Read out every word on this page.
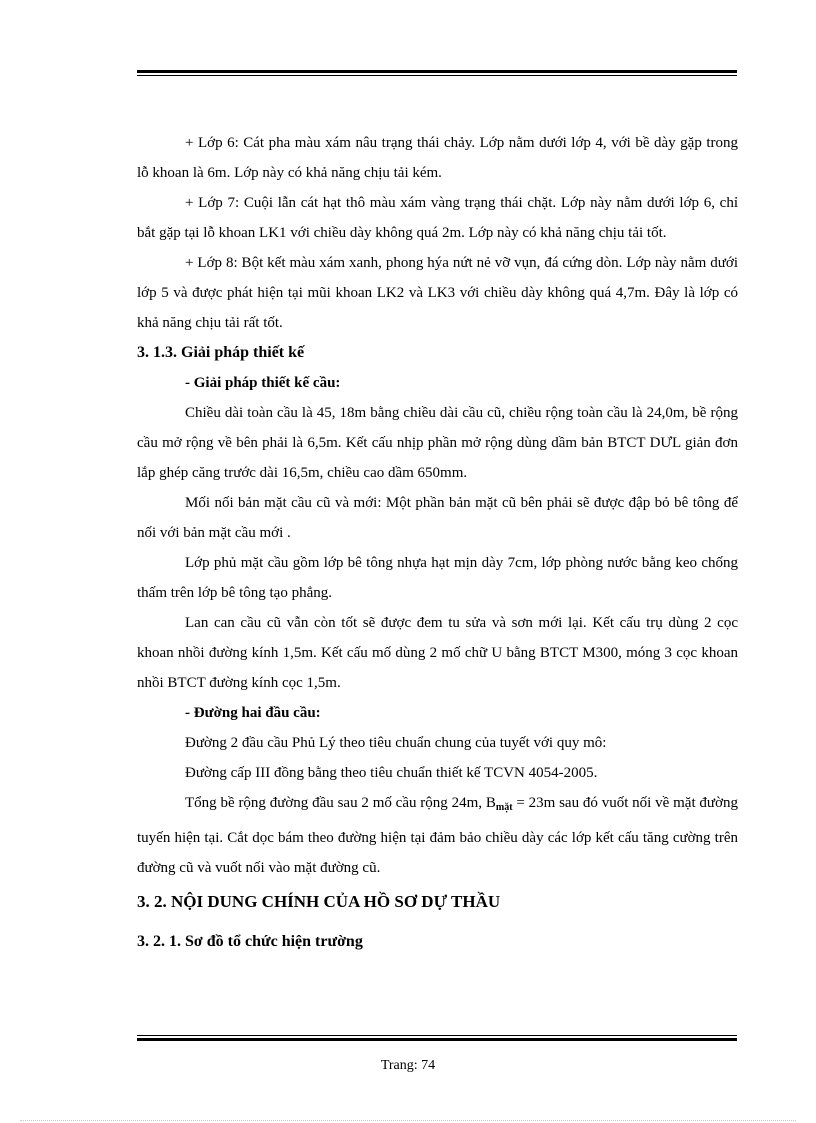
+ Lớp 6: Cát pha màu xám nâu trạng thái chảy. Lớp nằm dưới lớp 4, với bề dày gặp trong lỗ khoan là 6m. Lớp này có khả năng chịu tải kém.
+ Lớp 7: Cuội lẫn cát hạt thô màu xám vàng trạng thái chặt. Lớp này nằm dưới lớp 6, chỉ bắt gặp tại lỗ khoan LK1 với chiều dày không quá 2m. Lớp này có khả năng chịu tải tốt.
+ Lớp 8: Bột kết màu xám xanh, phong hýa nứt nẻ vỡ vụn, đá cứng dòn. Lớp này nằm dưới lớp 5 và được phát hiện tại mũi khoan LK2 và LK3 với chiều dày không quá 4,7m. Đây là lớp có khả năng chịu tải rất tốt.
3. 1.3. Giải pháp thiết kế
- Giải pháp thiết kế cầu:
Chiều dài toàn cầu là 45, 18m bằng chiều dài cầu cũ, chiều rộng toàn cầu là 24,0m, bề rộng cầu mở rộng về bên phải là 6,5m. Kết cấu nhịp phần mở rộng dùng dầm bản BTCT DƯL giản đơn lắp ghép căng trước dài 16,5m, chiều cao dầm 650mm.
Mối nối bản mặt cầu cũ và mới: Một phần bản mặt cũ bên phải sẽ được đập bỏ bê tông để nối với bản mặt cầu mới .
Lớp phủ mặt cầu gồm lớp bê tông nhựa hạt mịn dày 7cm, lớp phòng nước bằng keo chống thấm trên lớp bê tông tạo phẳng.
Lan can cầu cũ vẫn còn tốt sẽ được đem tu sửa và sơn mới lại. Kết cấu trụ dùng 2 cọc khoan nhồi đường kính 1,5m. Kết cấu mố dùng 2 mố chữ U bằng BTCT M300, móng 3 cọc khoan nhồi BTCT đường kính cọc 1,5m.
- Đường hai đầu cầu:
Đường 2 đầu cầu Phủ Lý theo tiêu chuẩn chung của tuyết với quy mô:
Đường cấp III đồng bằng theo tiêu chuẩn thiết kế TCVN 4054-2005.
Tổng bề rộng đường đầu sau 2 mố cầu rộng 24m, $B_{mặt} = 23m$ sau đó vuốt nối về mặt đường tuyến hiện tại. Cắt dọc bám theo đường hiện tại đảm bảo chiều dày các lớp kết cấu tăng cường trên đường cũ và vuốt nối vào mặt đường cũ.
3. 2. NỘI DUNG CHÍNH CỦA HỒ SƠ DỰ THẦU
3. 2. 1. Sơ đồ tổ chức hiện trường
Trang: 74
